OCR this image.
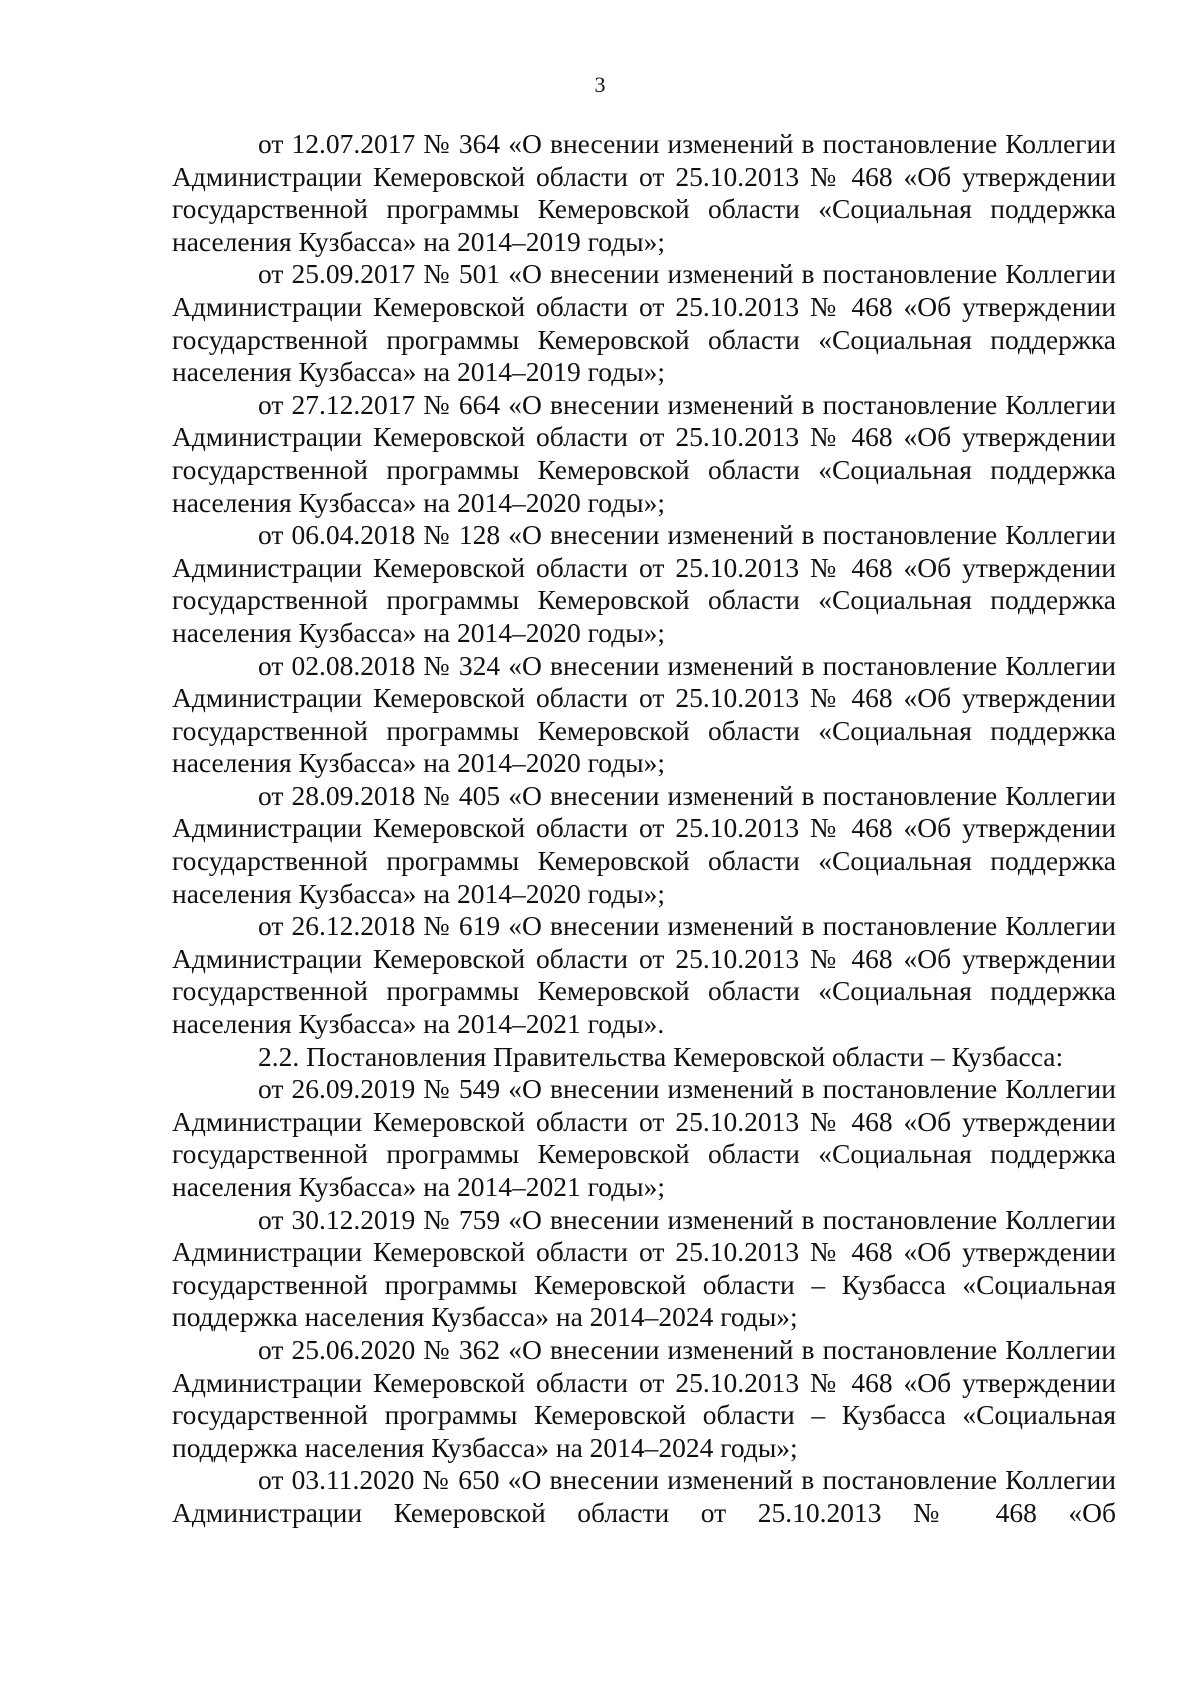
3

от 12.07.2017 № 364 «О внесении изменений в постановление Коллегии Администрации Кемеровской области от 25.10.2013 № 468 «Об утверждении государственной программы Кемеровской области «Социальная поддержка населения Кузбасса» на 2014–2019 годы»;

от 25.09.2017 № 501 «О внесении изменений в постановление Коллегии Администрации Кемеровской области от 25.10.2013 № 468 «Об утверждении государственной программы Кемеровской области «Социальная поддержка населения Кузбасса» на 2014–2019 годы»;

от 27.12.2017 № 664 «О внесении изменений в постановление Коллегии Администрации Кемеровской области от 25.10.2013 № 468 «Об утверждении государственной программы Кемеровской области «Социальная поддержка населения Кузбасса» на 2014–2020 годы»;

от 06.04.2018 № 128 «О внесении изменений в постановление Коллегии Администрации Кемеровской области от 25.10.2013 № 468 «Об утверждении государственной программы Кемеровской области «Социальная поддержка населения Кузбасса» на 2014–2020 годы»;

от 02.08.2018 № 324 «О внесении изменений в постановление Коллегии Администрации Кемеровской области от 25.10.2013 № 468 «Об утверждении государственной программы Кемеровской области «Социальная поддержка населения Кузбасса» на 2014–2020 годы»;

от 28.09.2018 № 405 «О внесении изменений в постановление Коллегии Администрации Кемеровской области от 25.10.2013 № 468 «Об утверждении государственной программы Кемеровской области «Социальная поддержка населения Кузбасса» на 2014–2020 годы»;

от 26.12.2018 № 619 «О внесении изменений в постановление Коллегии Администрации Кемеровской области от 25.10.2013 № 468 «Об утверждении государственной программы Кемеровской области «Социальная поддержка населения Кузбасса» на 2014–2021 годы».

2.2. Постановления Правительства Кемеровской области – Кузбасса:

от 26.09.2019 № 549 «О внесении изменений в постановление Коллегии Администрации Кемеровской области от 25.10.2013 № 468 «Об утверждении государственной программы Кемеровской области «Социальная поддержка населения Кузбасса» на 2014–2021 годы»;

от 30.12.2019 № 759 «О внесении изменений в постановление Коллегии Администрации Кемеровской области от 25.10.2013 № 468 «Об утверждении государственной программы Кемеровской области – Кузбасса «Социальная поддержка населения Кузбасса» на 2014–2024 годы»;

от 25.06.2020 № 362 «О внесении изменений в постановление Коллегии Администрации Кемеровской области от 25.10.2013 № 468 «Об утверждении государственной программы Кемеровской области – Кузбасса «Социальная поддержка населения Кузбасса» на 2014–2024 годы»;

от 03.11.2020 № 650 «О внесении изменений в постановление Коллегии Администрации Кемеровской области от 25.10.2013 № 468 «Об
